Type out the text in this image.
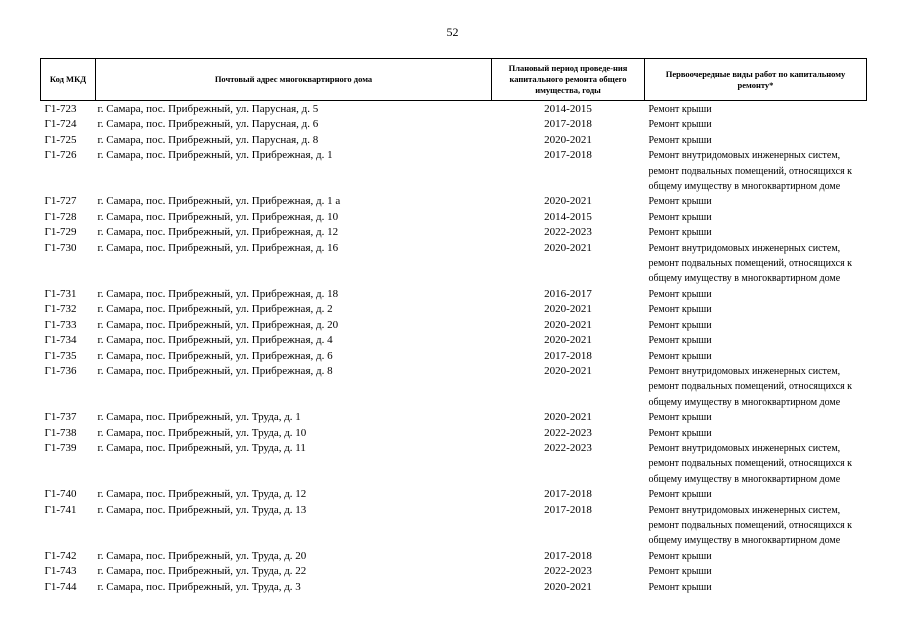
52
Код МКД	Почтовый адрес многоквартирного дома	Плановый период проведе-ния капитального ремонта общего имущества, годы	Первоочередные виды работ по капитальному ремонту*
Г1-723	г. Самара, пос. Прибрежный, ул. Парусная, д. 5	2014-2015	Ремонт крыши
Г1-724	г. Самара, пос. Прибрежный, ул. Парусная, д. 6	2017-2018	Ремонт крыши
Г1-725	г. Самара, пос. Прибрежный, ул. Парусная, д. 8	2020-2021	Ремонт крыши
Г1-726	г. Самара, пос. Прибрежный, ул. Прибрежная, д. 1	2017-2018	Ремонт внутридомовых инженерных систем, ремонт подвальных помещений, относящихся к общему имуществу в многоквартирном доме
Г1-727	г. Самара, пос. Прибрежный, ул. Прибрежная, д. 1 а	2020-2021	Ремонт крыши
Г1-728	г. Самара, пос. Прибрежный, ул. Прибрежная, д. 10	2014-2015	Ремонт крыши
Г1-729	г. Самара, пос. Прибрежный, ул. Прибрежная, д. 12	2022-2023	Ремонт крыши
Г1-730	г. Самара, пос. Прибрежный, ул. Прибрежная, д. 16	2020-2021	Ремонт внутридомовых инженерных систем, ремонт подвальных помещений, относящихся к общему имуществу в многоквартирном доме
Г1-731	г. Самара, пос. Прибрежный, ул. Прибрежная, д. 18	2016-2017	Ремонт крыши
Г1-732	г. Самара, пос. Прибрежный, ул. Прибрежная, д. 2	2020-2021	Ремонт крыши
Г1-733	г. Самара, пос. Прибрежный, ул. Прибрежная, д. 20	2020-2021	Ремонт крыши
Г1-734	г. Самара, пос. Прибрежный, ул. Прибрежная, д. 4	2020-2021	Ремонт крыши
Г1-735	г. Самара, пос. Прибрежный, ул. Прибрежная, д. 6	2017-2018	Ремонт крыши
Г1-736	г. Самара, пос. Прибрежный, ул. Прибрежная, д. 8	2020-2021	Ремонт внутридомовых инженерных систем, ремонт подвальных помещений, относящихся к общему имуществу в многоквартирном доме
Г1-737	г. Самара, пос. Прибрежный, ул. Труда, д. 1	2020-2021	Ремонт крыши
Г1-738	г. Самара, пос. Прибрежный, ул. Труда, д. 10	2022-2023	Ремонт крыши
Г1-739	г. Самара, пос. Прибрежный, ул. Труда, д. 11	2022-2023	Ремонт внутридомовых инженерных систем, ремонт подвальных помещений, относящихся к общему имуществу в многоквартирном доме
Г1-740	г. Самара, пос. Прибрежный, ул. Труда, д. 12	2017-2018	Ремонт крыши
Г1-741	г. Самара, пос. Прибрежный, ул. Труда, д. 13	2017-2018	Ремонт внутридомовых инженерных систем, ремонт подвальных помещений, относящихся к общему имуществу в многоквартирном доме
Г1-742	г. Самара, пос. Прибрежный, ул. Труда, д. 20	2017-2018	Ремонт крыши
Г1-743	г. Самара, пос. Прибрежный, ул. Труда, д. 22	2022-2023	Ремонт крыши
Г1-744	г. Самара, пос. Прибрежный, ул. Труда, д. 3	2020-2021	Ремонт крыши
